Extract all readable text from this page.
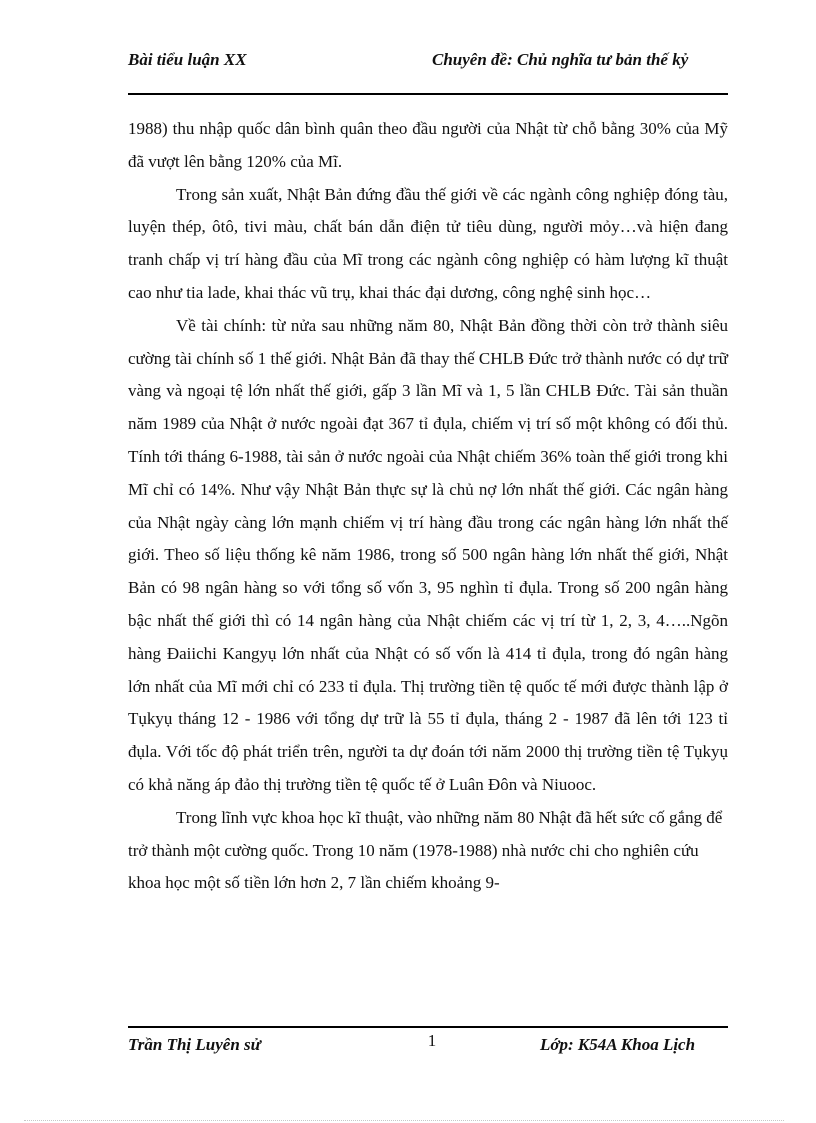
Bài tiểu luận XX	Chuyên đề: Chủ nghĩa tư bản thế kỷ

1988) thu nhập quốc dân bình quân theo đầu người của Nhật từ chỗ bằng 30% của Mỹ đã vượt lên bằng 120% của Mĩ.

Trong sản xuất, Nhật Bản đứng đầu thế giới về các ngành công nghiệp đóng tàu, luyện thép, ôtô, tivi màu, chất bán dẫn điện tử tiêu dùng, người mỏy…và hiện đang tranh chấp vị trí hàng đầu của Mĩ trong các ngành công nghiệp có hàm lượng kĩ thuật cao như tia lade, khai thác vũ trụ, khai thác đại dương, công nghệ sinh học…

Về tài chính: từ nửa sau những năm 80, Nhật Bản đồng thời còn trở thành siêu cường tài chính số 1 thế giới. Nhật Bản đã thay thế CHLB Đức trở thành nước có dự trữ vàng và ngoại tệ lớn nhất thế giới, gấp 3 lần Mĩ và 1, 5 lần CHLB Đức. Tài sản thuần năm 1989 của Nhật ở nước ngoài đạt 367 tỉ đụla, chiếm vị trí số một không có đối thủ. Tính tới tháng 6-1988, tài sản ở nước ngoài của Nhật chiếm 36% toàn thế giới trong khi Mĩ chỉ có 14%. Như vậy Nhật Bản thực sự là chủ nợ lớn nhất thế giới. Các ngân hàng của Nhật ngày càng lớn mạnh chiếm vị trí hàng đầu trong các ngân hàng lớn nhất thế giới. Theo số liệu thống kê năm 1986, trong số 500 ngân hàng lớn nhất thế giới, Nhật Bản có 98 ngân hàng so với tổng số vốn 3, 95 nghìn tỉ đụla. Trong số 200 ngân hàng bậc nhất thế giới thì có 14 ngân hàng của Nhật chiếm các vị trí từ 1, 2, 3, 4…..Ngõn hàng Đaiichi Kangyụ lớn nhất của Nhật có số vốn là 414 tỉ đụla, trong đó ngân hàng lớn nhất của Mĩ mới chỉ có 233 tỉ đụla. Thị trường tiền tệ quốc tế mới được thành lập ở Tụkyụ tháng 12 - 1986 với tổng dự trữ là 55 tỉ đụla, tháng 2 - 1987 đã lên tới 123 tỉ đụla. Với tốc độ phát triển trên, người ta dự đoán tới năm 2000 thị trường tiền tệ Tụkyụ có khả năng áp đảo thị trường tiền tệ quốc tế ở Luân Đôn và Niuooc.

Trong lĩnh vực khoa học kĩ thuật, vào những năm 80 Nhật đã hết sức cố gắng để trở thành một cường quốc. Trong 10 năm (1978-1988) nhà nước chi cho nghiên cứu khoa học một số tiền lớn hơn 2, 7 lần chiếm khoảng 9-

Trần Thị Luyên sử	1	Lớp: K54A Khoa Lịch
